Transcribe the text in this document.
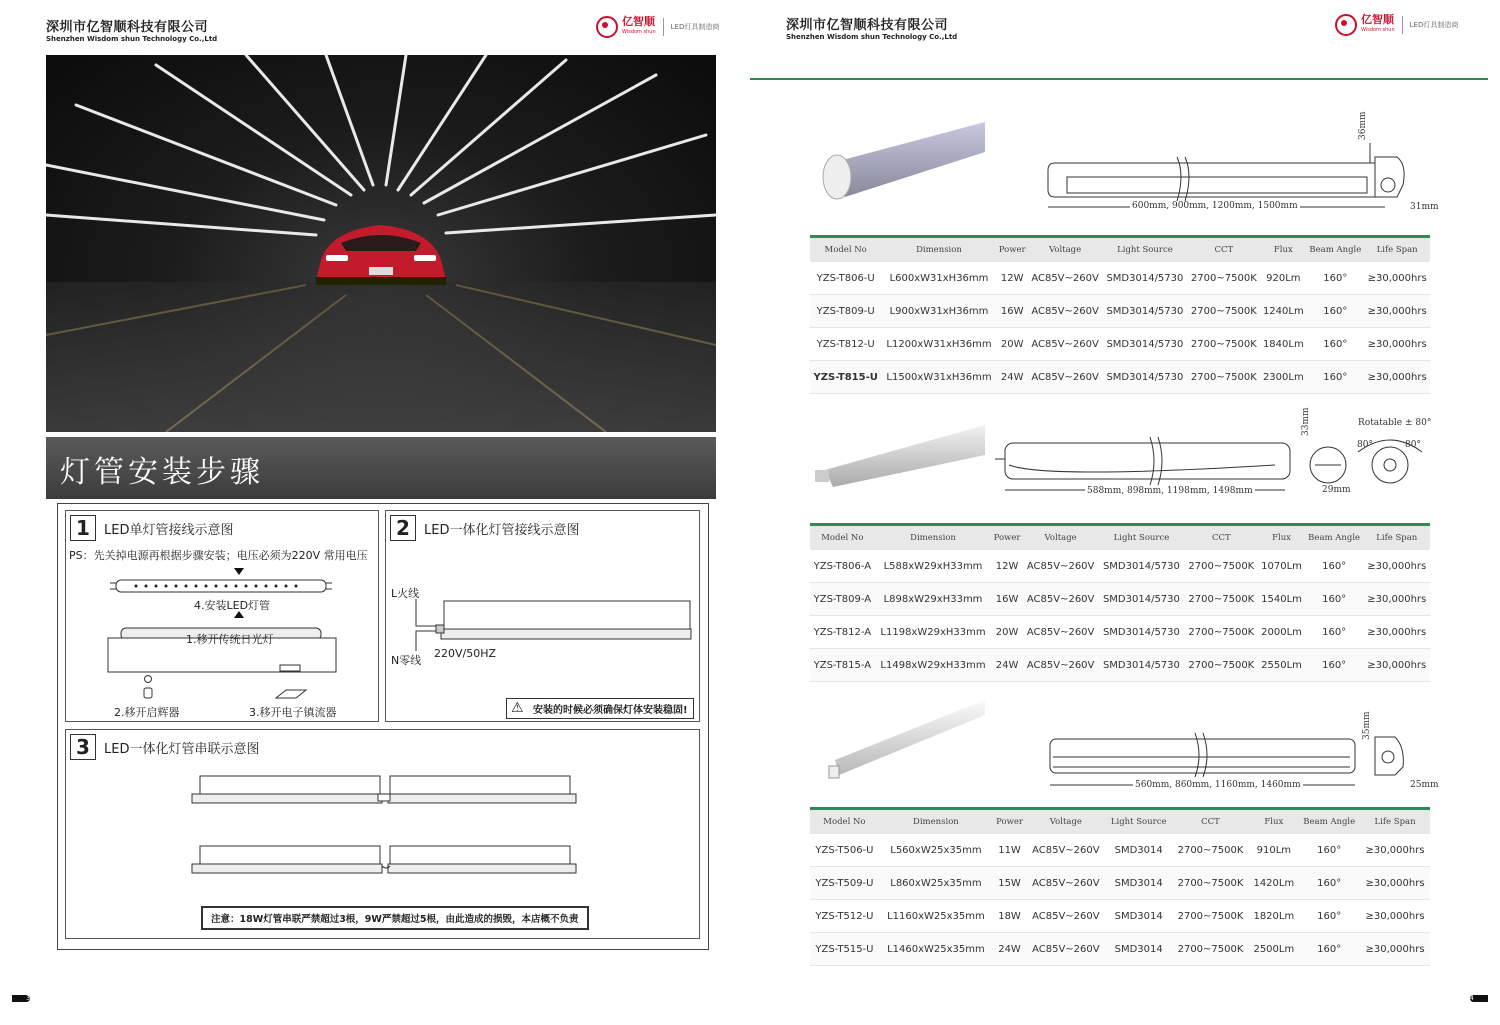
深圳市亿智顺科技有限公司
Shenzhen Wisdom shun Technology Co.,Ltd
亿智顺
Wisdom shun
LED灯具制造商
灯管安装步骤
1	LED单灯管接线示意图
PS：先关掉电源再根据步骤安装；电压必须为220V 常用电压
4.安装LED灯管
1.移开传统日光灯
2.移开启辉器	3.移开电子镇流器
2	LED一体化灯管接线示意图
L火线
N零线
220V/50HZ
⚠ 安装的时候必须确保灯体安装稳固!
3	LED一体化灯管串联示意图
注意：18W灯管串联严禁超过3根，9W严禁超过5根，由此造成的损毁，本店概不负责
3
深圳市亿智顺科技有限公司
Shenzhen Wisdom shun Technology Co.,Ltd
亿智顺
Wisdom shun
LED灯具制造商
600mm, 900mm, 1200mm, 1500mm
36mm
31mm
Model No	Dimension	Power	Voltage	Light Source	CCT	Flux	Beam Angle	Life Span
YZS-T806-U	L600xW31xH36mm	12W	AC85V~260V	SMD3014/5730	2700~7500K	920Lm	160°	≥30,000hrs
YZS-T809-U	L900xW31xH36mm	16W	AC85V~260V	SMD3014/5730	2700~7500K	1240Lm	160°	≥30,000hrs
YZS-T812-U	L1200xW31xH36mm	20W	AC85V~260V	SMD3014/5730	2700~7500K	1840Lm	160°	≥30,000hrs
YZS-T815-U	L1500xW31xH36mm	24W	AC85V~260V	SMD3014/5730	2700~7500K	2300Lm	160°	≥30,000hrs
588mm, 898mm, 1198mm, 1498mm
Rotatable ± 80°
80°	80°
33mm
29mm
Model No	Dimension	Power	Voltage	Light Source	CCT	Flux	Beam Angle	Life Span
YZS-T806-A	L588xW29xH33mm	12W	AC85V~260V	SMD3014/5730	2700~7500K	1070Lm	160°	≥30,000hrs
YZS-T809-A	L898xW29xH33mm	16W	AC85V~260V	SMD3014/5730	2700~7500K	1540Lm	160°	≥30,000hrs
YZS-T812-A	L1198xW29xH33mm	20W	AC85V~260V	SMD3014/5730	2700~7500K	2000Lm	160°	≥30,000hrs
YZS-T815-A	L1498xW29xH33mm	24W	AC85V~260V	SMD3014/5730	2700~7500K	2550Lm	160°	≥30,000hrs
560mm, 860mm, 1160mm, 1460mm
35mm
25mm
Model No	Dimension	Power	Voltage	Light Source	CCT	Flux	Beam Angle	Life Span
YZS-T506-U	L560xW25x35mm	11W	AC85V~260V	SMD3014	2700~7500K	910Lm	160°	≥30,000hrs
YZS-T509-U	L860xW25x35mm	15W	AC85V~260V	SMD3014	2700~7500K	1420Lm	160°	≥30,000hrs
YZS-T512-U	L1160xW25x35mm	18W	AC85V~260V	SMD3014	2700~7500K	1820Lm	160°	≥30,000hrs
YZS-T515-U	L1460xW25x35mm	24W	AC85V~260V	SMD3014	2700~7500K	2500Lm	160°	≥30,000hrs
4
